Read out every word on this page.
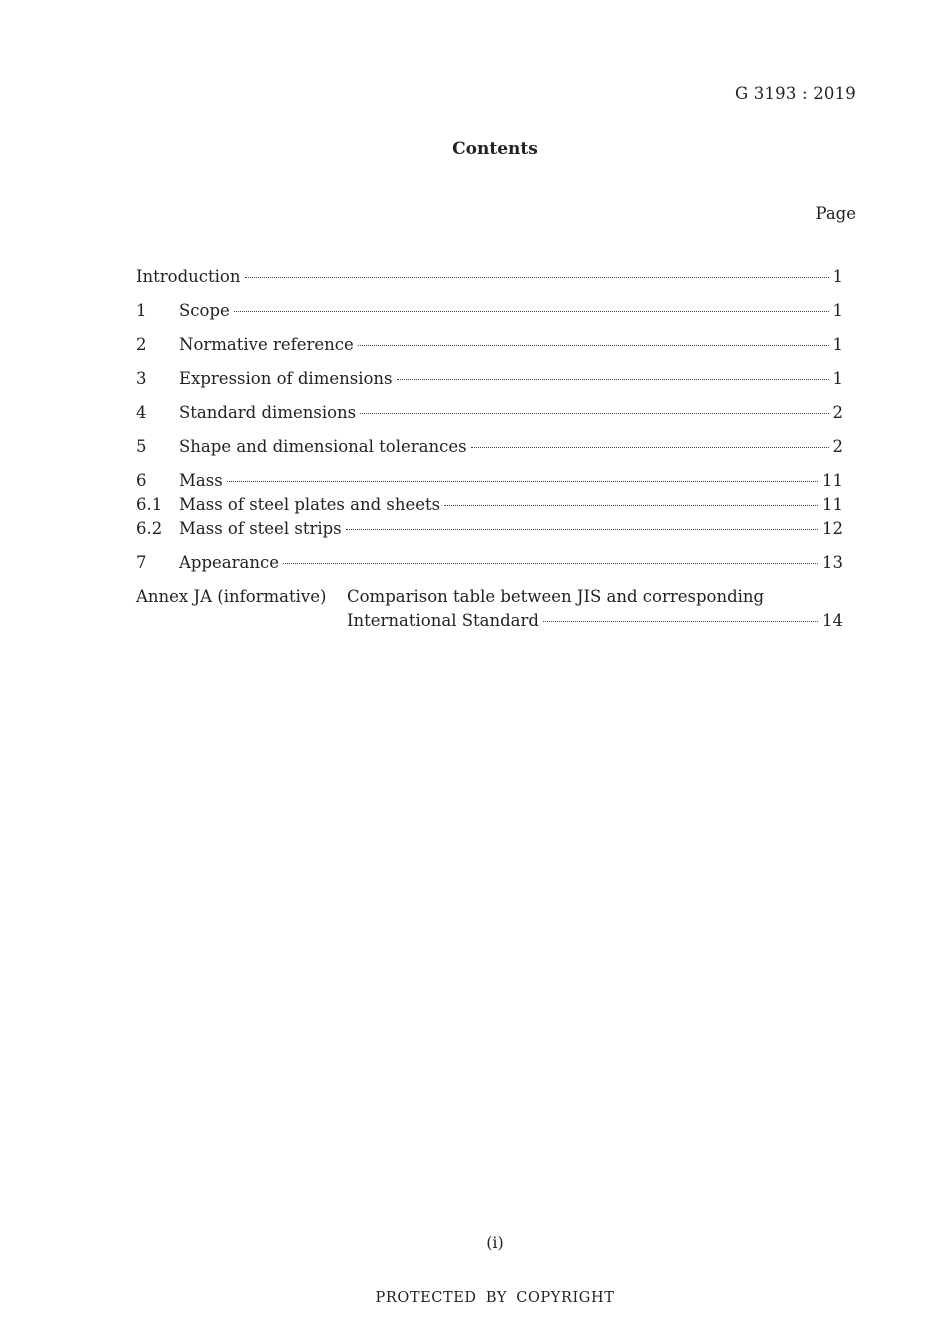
G 3193 : 2019
Contents
Page
Introduction	1
1	Scope	1
2	Normative reference	1
3	Expression of dimensions	1
4	Standard dimensions	2
5	Shape and dimensional tolerances	2
6	Mass	11
6.1	Mass of steel plates and sheets	11
6.2	Mass of steel strips	12
7	Appearance	13
Annex JA (informative)	Comparison table between JIS and corresponding
International Standard	14
(i)
PROTECTED BY COPYRIGHT
